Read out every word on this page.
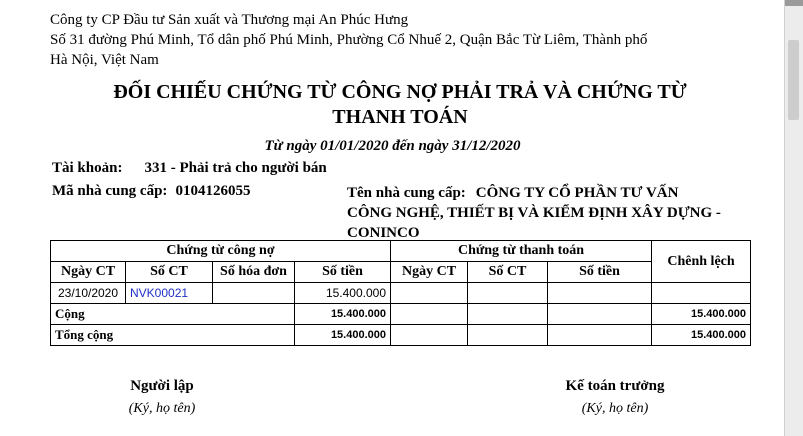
Công ty CP Đầu tư Sản xuất và Thương mại An Phúc Hưng
Số 31 đường Phú Minh, Tổ dân phố Phú Minh, Phường Cổ Nhuế 2, Quận Bắc Từ Liêm, Thành phố Hà Nội, Việt Nam
ĐỐI CHIẾU CHỨNG TỪ CÔNG NỢ PHẢI TRẢ VÀ CHỨNG TỪ THANH TOÁN
Từ ngày 01/01/2020 đến ngày 31/12/2020
Tài khoản: 331 - Phải trả cho người bán
Mã nhà cung cấp: 0104126055	Tên nhà cung cấp: CÔNG TY CỔ PHẦN TƯ VẤN CÔNG NGHỆ, THIẾT BỊ VÀ KIỂM ĐỊNH XÂY DỰNG - CONINCO
Chứng từ công nợ				Chứng từ thanh toán			Chênh lệch
Ngày CT	Số CT	Số hóa đơn	Số tiền	Ngày CT	Số CT	Số tiền	
23/10/2020	NVK00021		15.400.000				
Cộng			15.400.000				15.400.000
Tổng cộng			15.400.000				15.400.000
Người lập
(Ký, họ tên)
Kế toán trưởng
(Ký, họ tên)
